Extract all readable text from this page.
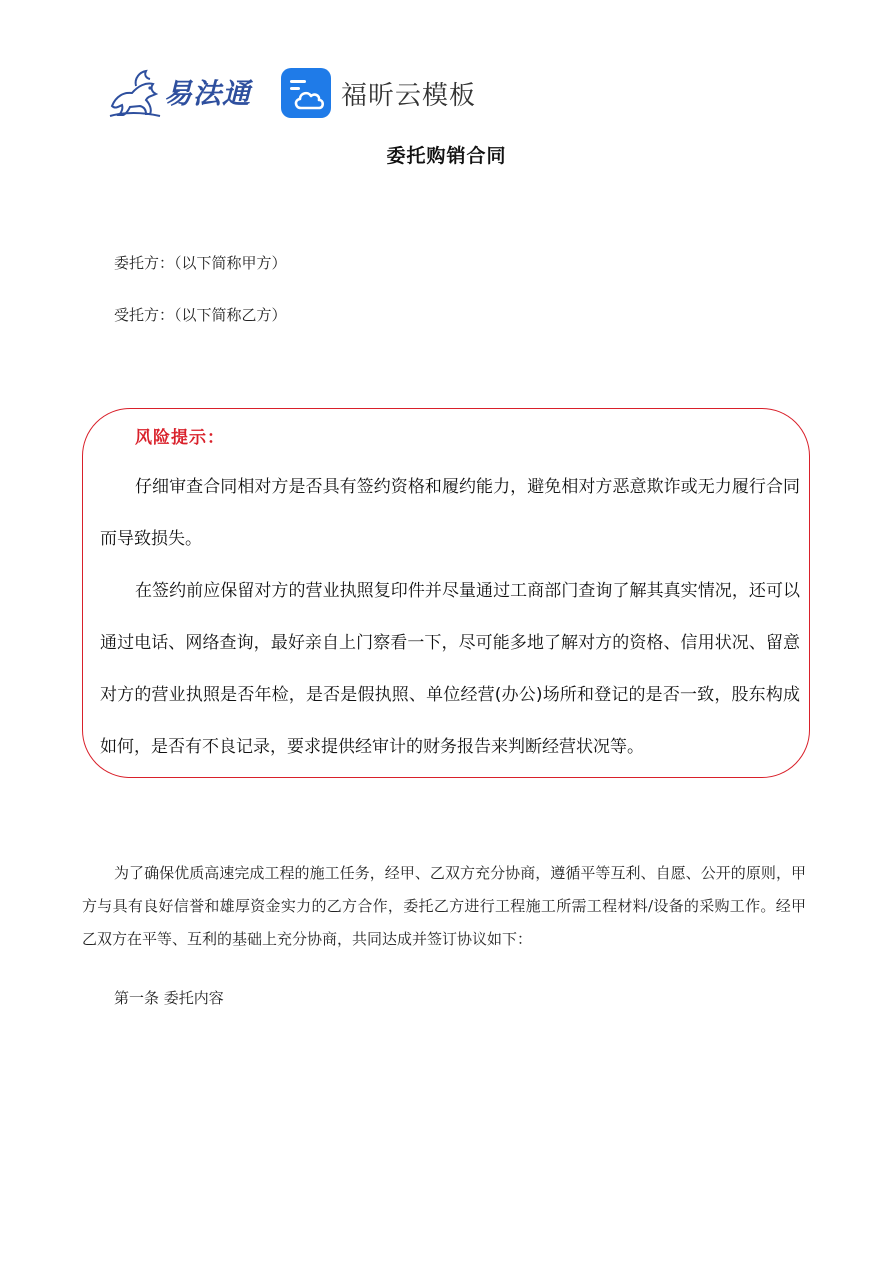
易法通	福昕云模板
委托购销合同
委托方：（以下简称甲方）
受托方：（以下简称乙方）
风险提示：

仔细审查合同相对方是否具有签约资格和履约能力，避免相对方恶意欺诈或无力履行合同而导致损失。

在签约前应保留对方的营业执照复印件并尽量通过工商部门查询了解其真实情况，还可以通过电话、网络查询，最好亲自上门察看一下，尽可能多地了解对方的资格、信用状况、留意对方的营业执照是否年检，是否是假执照、单位经营(办公)场所和登记的是否一致，股东构成如何，是否有不良记录，要求提供经审计的财务报告来判断经营状况等。

为了确保优质高速完成工程的施工任务，经甲、乙双方充分协商，遵循平等互利、自愿、公开的原则，甲方与具有良好信誉和雄厚资金实力的乙方合作，委托乙方进行工程施工所需工程材料/设备的采购工作。经甲乙双方在平等、互利的基础上充分协商，共同达成并签订协议如下：

第一条 委托内容
